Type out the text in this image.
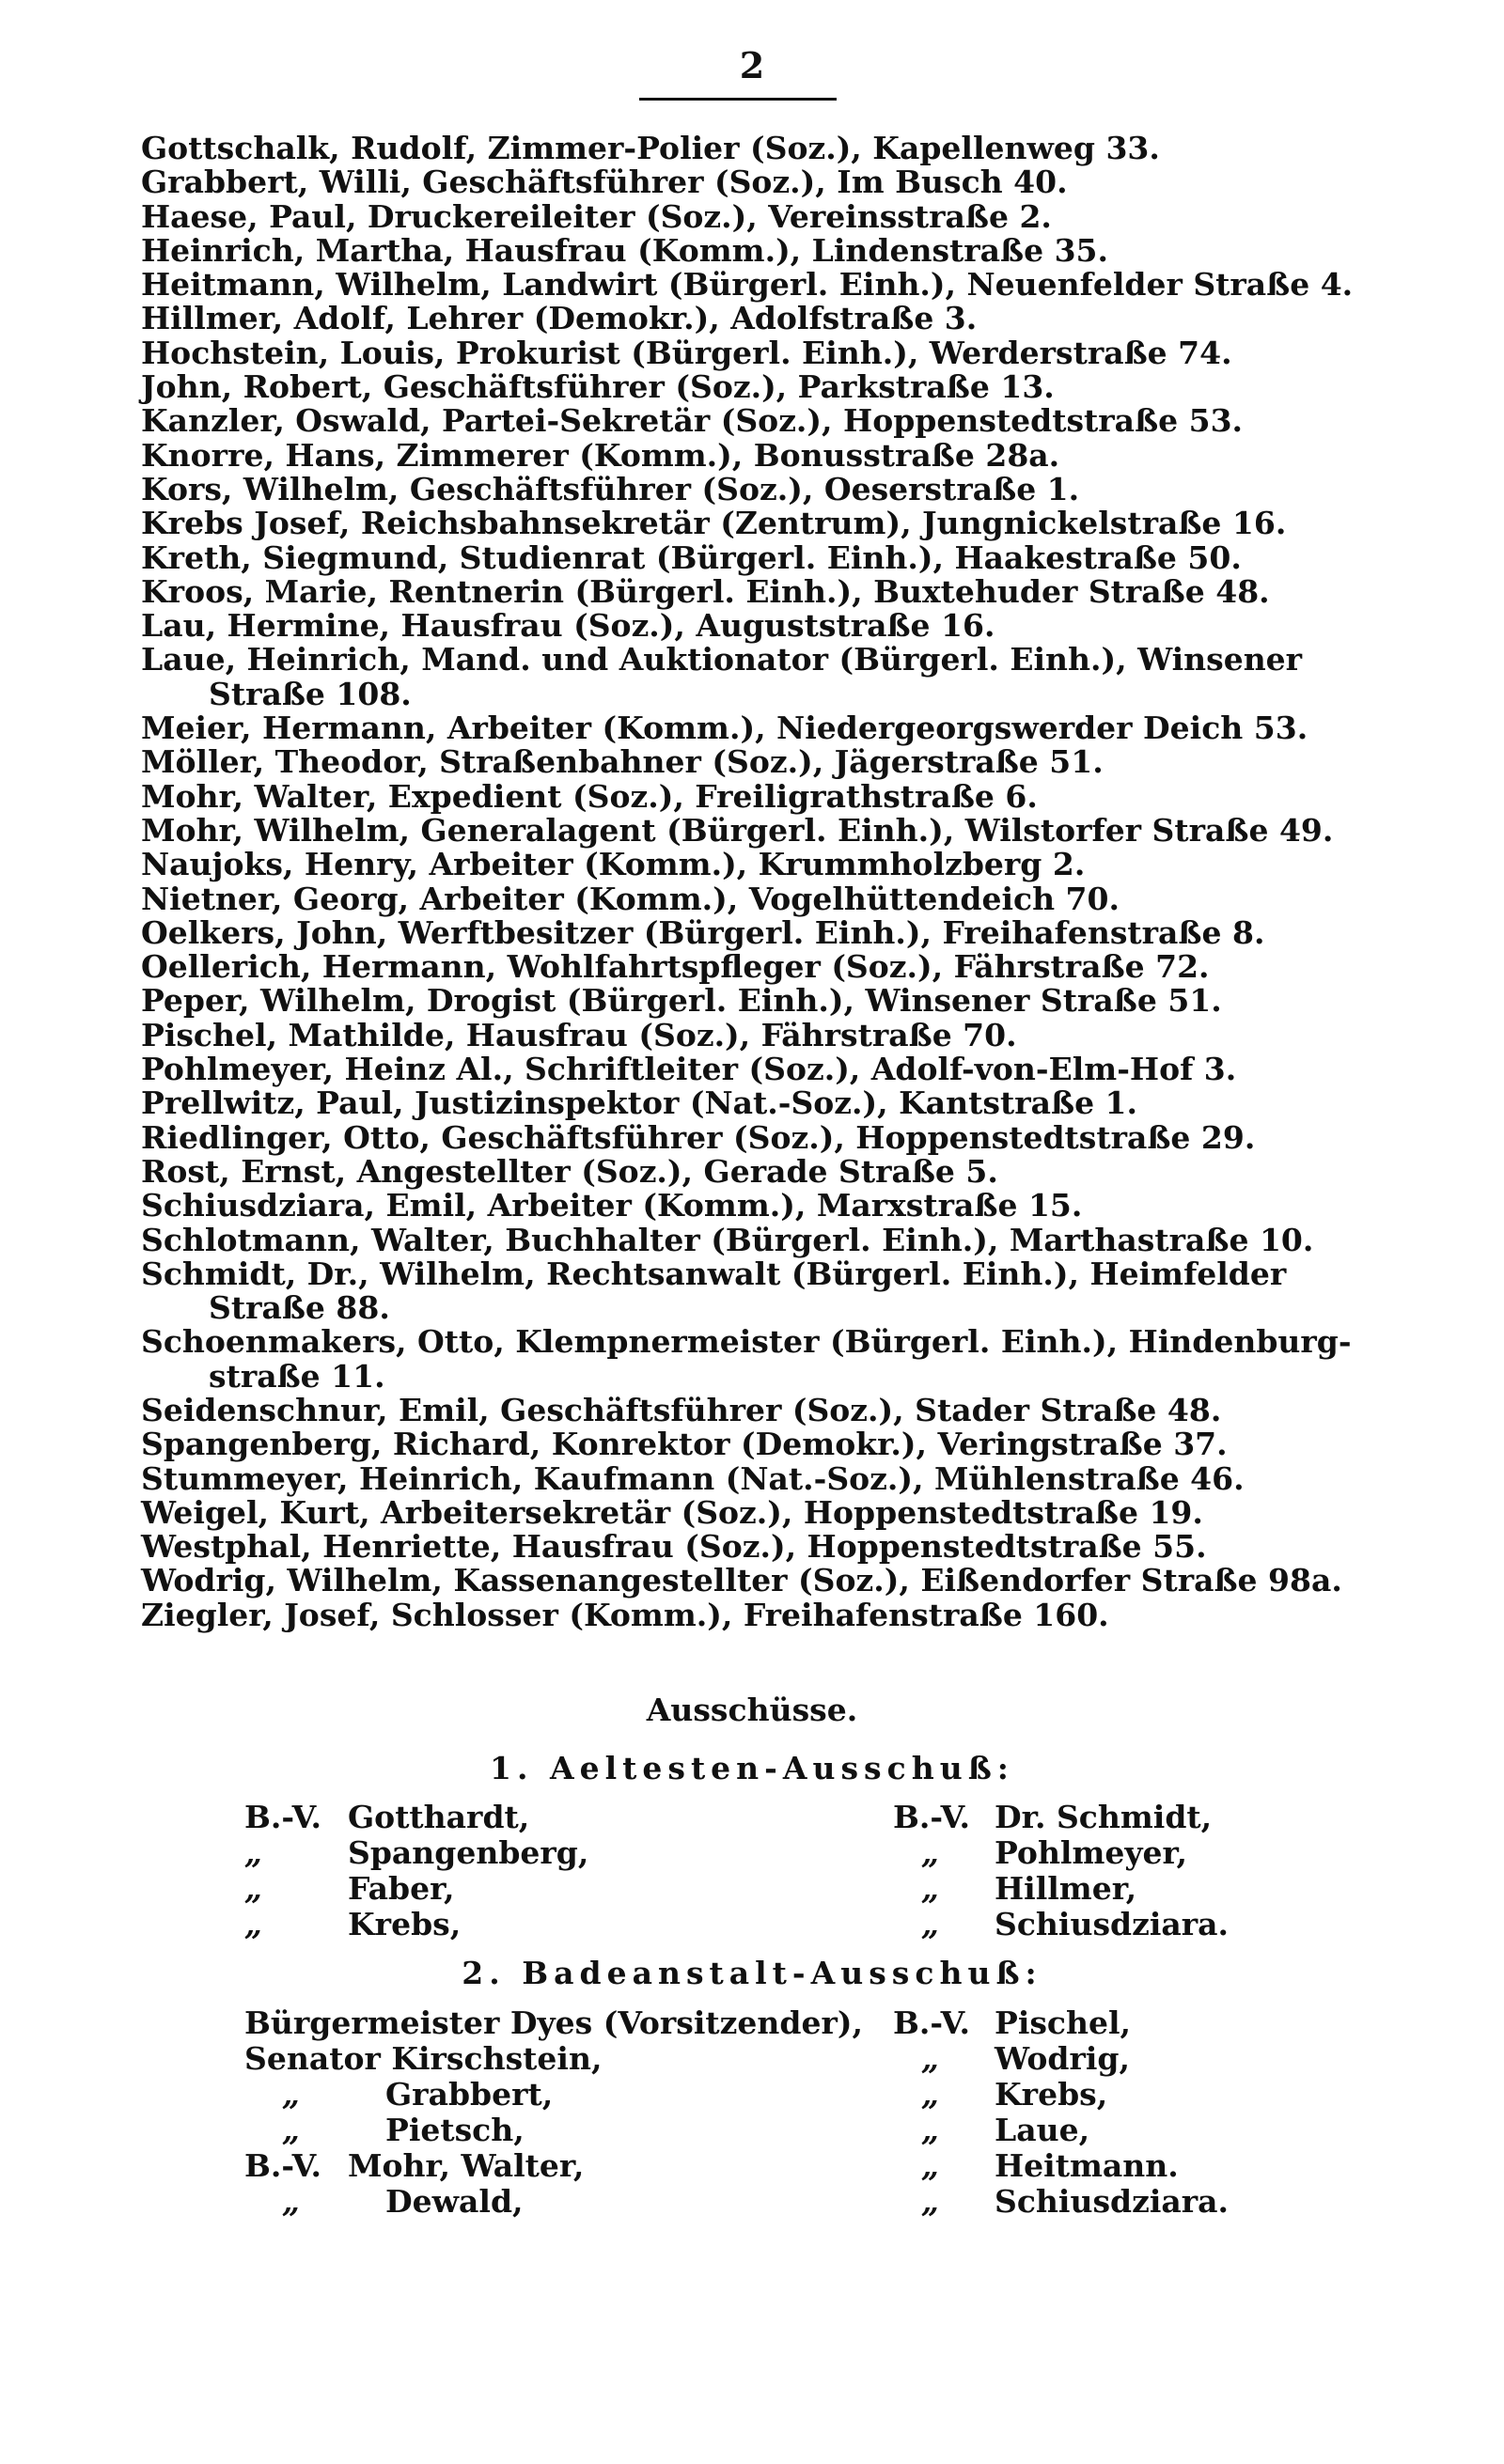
2
Gottschalk, Rudolf, Zimmer-Polier (Soz.), Kapellenweg 33.
Grabbert, Willi, Geschäftsführer (Soz.), Im Busch 40.
Haese, Paul, Druckereileiter (Soz.), Vereinsstraße 2.
Heinrich, Martha, Hausfrau (Komm.), Lindenstraße 35.
Heitmann, Wilhelm, Landwirt (Bürgerl. Einh.), Neuenfelder Straße 4.
Hillmer, Adolf, Lehrer (Demokr.), Adolfstraße 3.
Hochstein, Louis, Prokurist (Bürgerl. Einh.), Werderstraße 74.
John, Robert, Geschäftsführer (Soz.), Parkstraße 13.
Kanzler, Oswald, Partei-Sekretär (Soz.), Hoppenstedtstraße 53.
Knorre, Hans, Zimmerer (Komm.), Bonusstraße 28a.
Kors, Wilhelm, Geschäftsführer (Soz.), Oeserstraße 1.
Krebs Josef, Reichsbahnsekretär (Zentrum), Jungnickelstraße 16.
Kreth, Siegmund, Studienrat (Bürgerl. Einh.), Haakestraße 50.
Kroos, Marie, Rentnerin (Bürgerl. Einh.), Buxtehuder Straße 48.
Lau, Hermine, Hausfrau (Soz.), Auguststraße 16.
Laue, Heinrich, Mand. und Auktionator (Bürgerl. Einh.), Winsener
Straße 108.
Meier, Hermann, Arbeiter (Komm.), Niedergeorgswerder Deich 53.
Möller, Theodor, Straßenbahner (Soz.), Jägerstraße 51.
Mohr, Walter, Expedient (Soz.), Freiligrathstraße 6.
Mohr, Wilhelm, Generalagent (Bürgerl. Einh.), Wilstorfer Straße 49.
Naujoks, Henry, Arbeiter (Komm.), Krummholzberg 2.
Nietner, Georg, Arbeiter (Komm.), Vogelhüttendeich 70.
Oelkers, John, Werftbesitzer (Bürgerl. Einh.), Freihafenstraße 8.
Oellerich, Hermann, Wohlfahrtspfleger (Soz.), Fährstraße 72.
Peper, Wilhelm, Drogist (Bürgerl. Einh.), Winsener Straße 51.
Pischel, Mathilde, Hausfrau (Soz.), Fährstraße 70.
Pohlmeyer, Heinz Al., Schriftleiter (Soz.), Adolf-von-Elm-Hof 3.
Prellwitz, Paul, Justizinspektor (Nat.-Soz.), Kantstraße 1.
Riedlinger, Otto, Geschäftsführer (Soz.), Hoppenstedtstraße 29.
Rost, Ernst, Angestellter (Soz.), Gerade Straße 5.
Schiusdziara, Emil, Arbeiter (Komm.), Marxstraße 15.
Schlotmann, Walter, Buchhalter (Bürgerl. Einh.), Marthastraße 10.
Schmidt, Dr., Wilhelm, Rechtsanwalt (Bürgerl. Einh.), Heimfelder
Straße 88.
Schoenmakers, Otto, Klempnermeister (Bürgerl. Einh.), Hindenburg-
straße 11.
Seidenschnur, Emil, Geschäftsführer (Soz.), Stader Straße 48.
Spangenberg, Richard, Konrektor (Demokr.), Veringstraße 37.
Stummeyer, Heinrich, Kaufmann (Nat.-Soz.), Mühlenstraße 46.
Weigel, Kurt, Arbeitersekretär (Soz.), Hoppenstedtstraße 19.
Westphal, Henriette, Hausfrau (Soz.), Hoppenstedtstraße 55.
Wodrig, Wilhelm, Kassenangestellter (Soz.), Eißendorfer Straße 98a.
Ziegler, Josef, Schlosser (Komm.), Freihafenstraße 160.
Ausschüsse.
1. Aeltesten-Ausschuß:
B.-V. Gotthardt,	B.-V. Dr. Schmidt,
„	Spangenberg,	„ Pohlmeyer,
„	Faber,	„ Hillmer,
„	Krebs,	„ Schiusdziara.
2. Badeanstalt-Ausschuß:
Bürgermeister Dyes (Vorsitzender), B.-V. Pischel,
Senator Kirschstein,	„ Wodrig,
„	Grabbert,	„ Krebs,
„	Pietsch,	„ Laue,
B.-V. Mohr, Walter,	„ Heitmann.
„	Dewald,	„ Schiusdziara.
